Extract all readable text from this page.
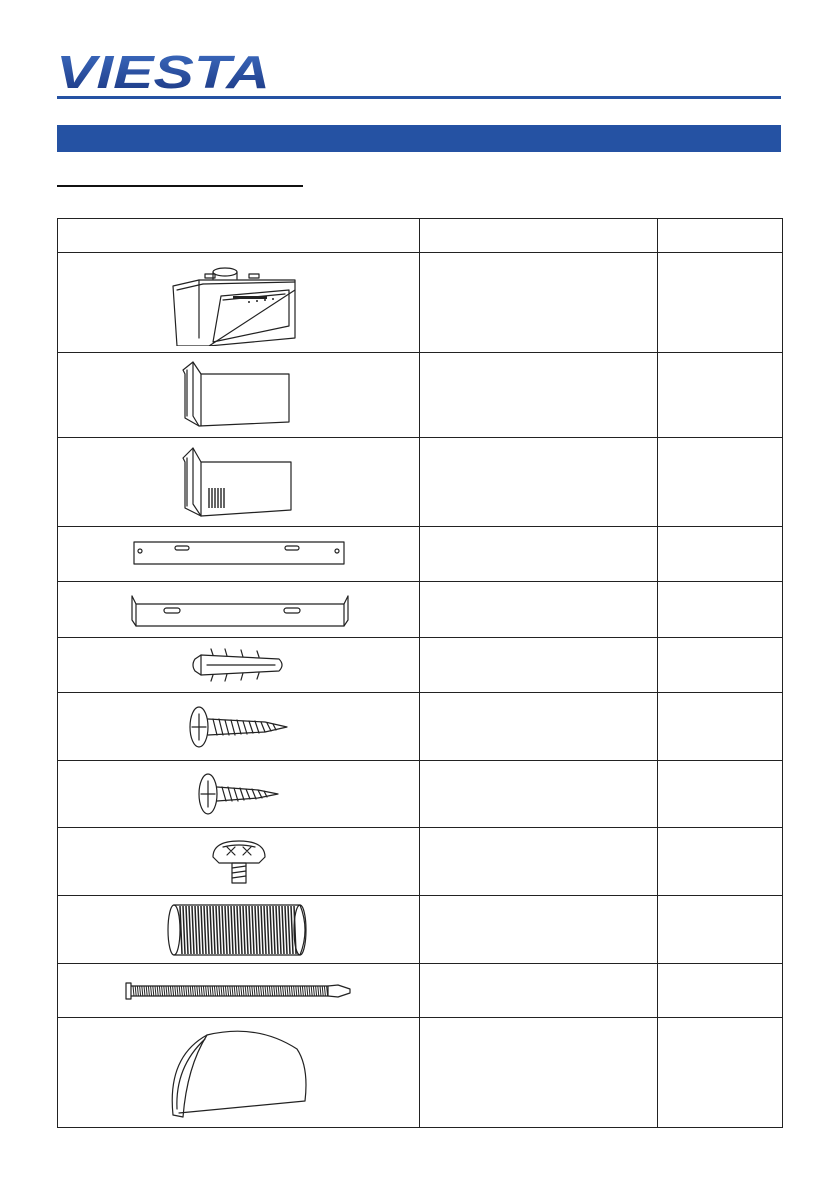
VIESTA
